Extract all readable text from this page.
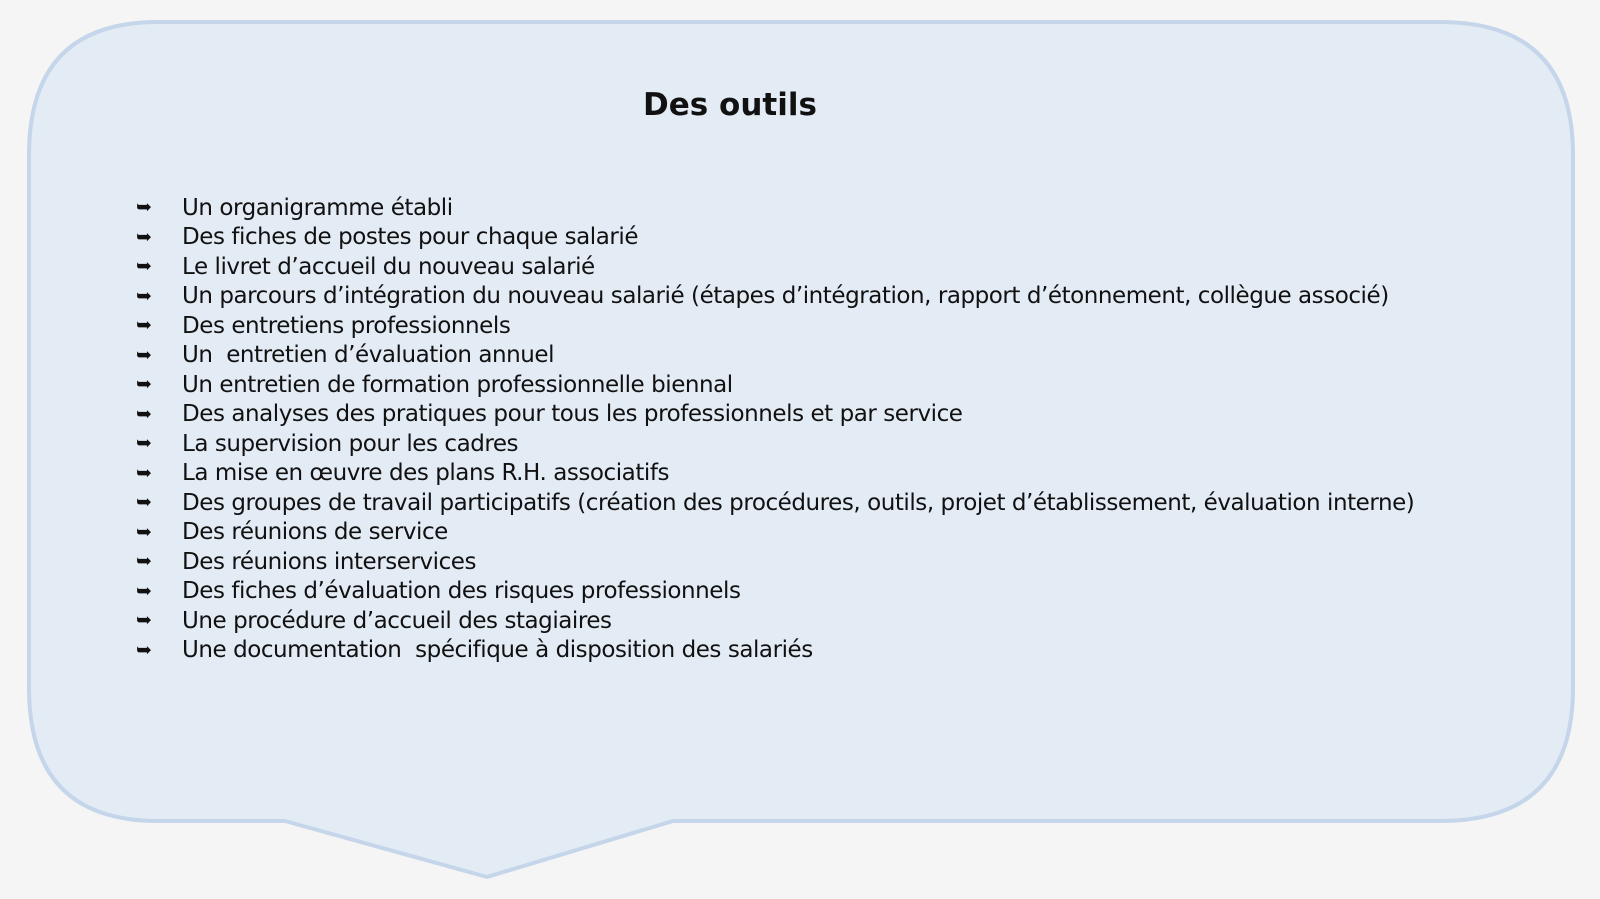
Des outils
➥	Un organigramme établi
➥	Des fiches de postes pour chaque salarié
➥	Le livret d’accueil du nouveau salarié
➥	Un parcours d’intégration du nouveau salarié (étapes d’intégration, rapport d’étonnement, collègue associé)
➥	Des entretiens professionnels
➥	Un  entretien d’évaluation annuel
➥	Un entretien de formation professionnelle biennal
➥	Des analyses des pratiques pour tous les professionnels et par service
➥	La supervision pour les cadres
➥	La mise en œuvre des plans R.H. associatifs
➥	Des groupes de travail participatifs (création des procédures, outils, projet d’établissement, évaluation interne)
➥	Des réunions de service
➥	Des réunions interservices
➥	Des fiches d’évaluation des risques professionnels
➥	Une procédure d’accueil des stagiaires
➥	Une documentation  spécifique à disposition des salariés
